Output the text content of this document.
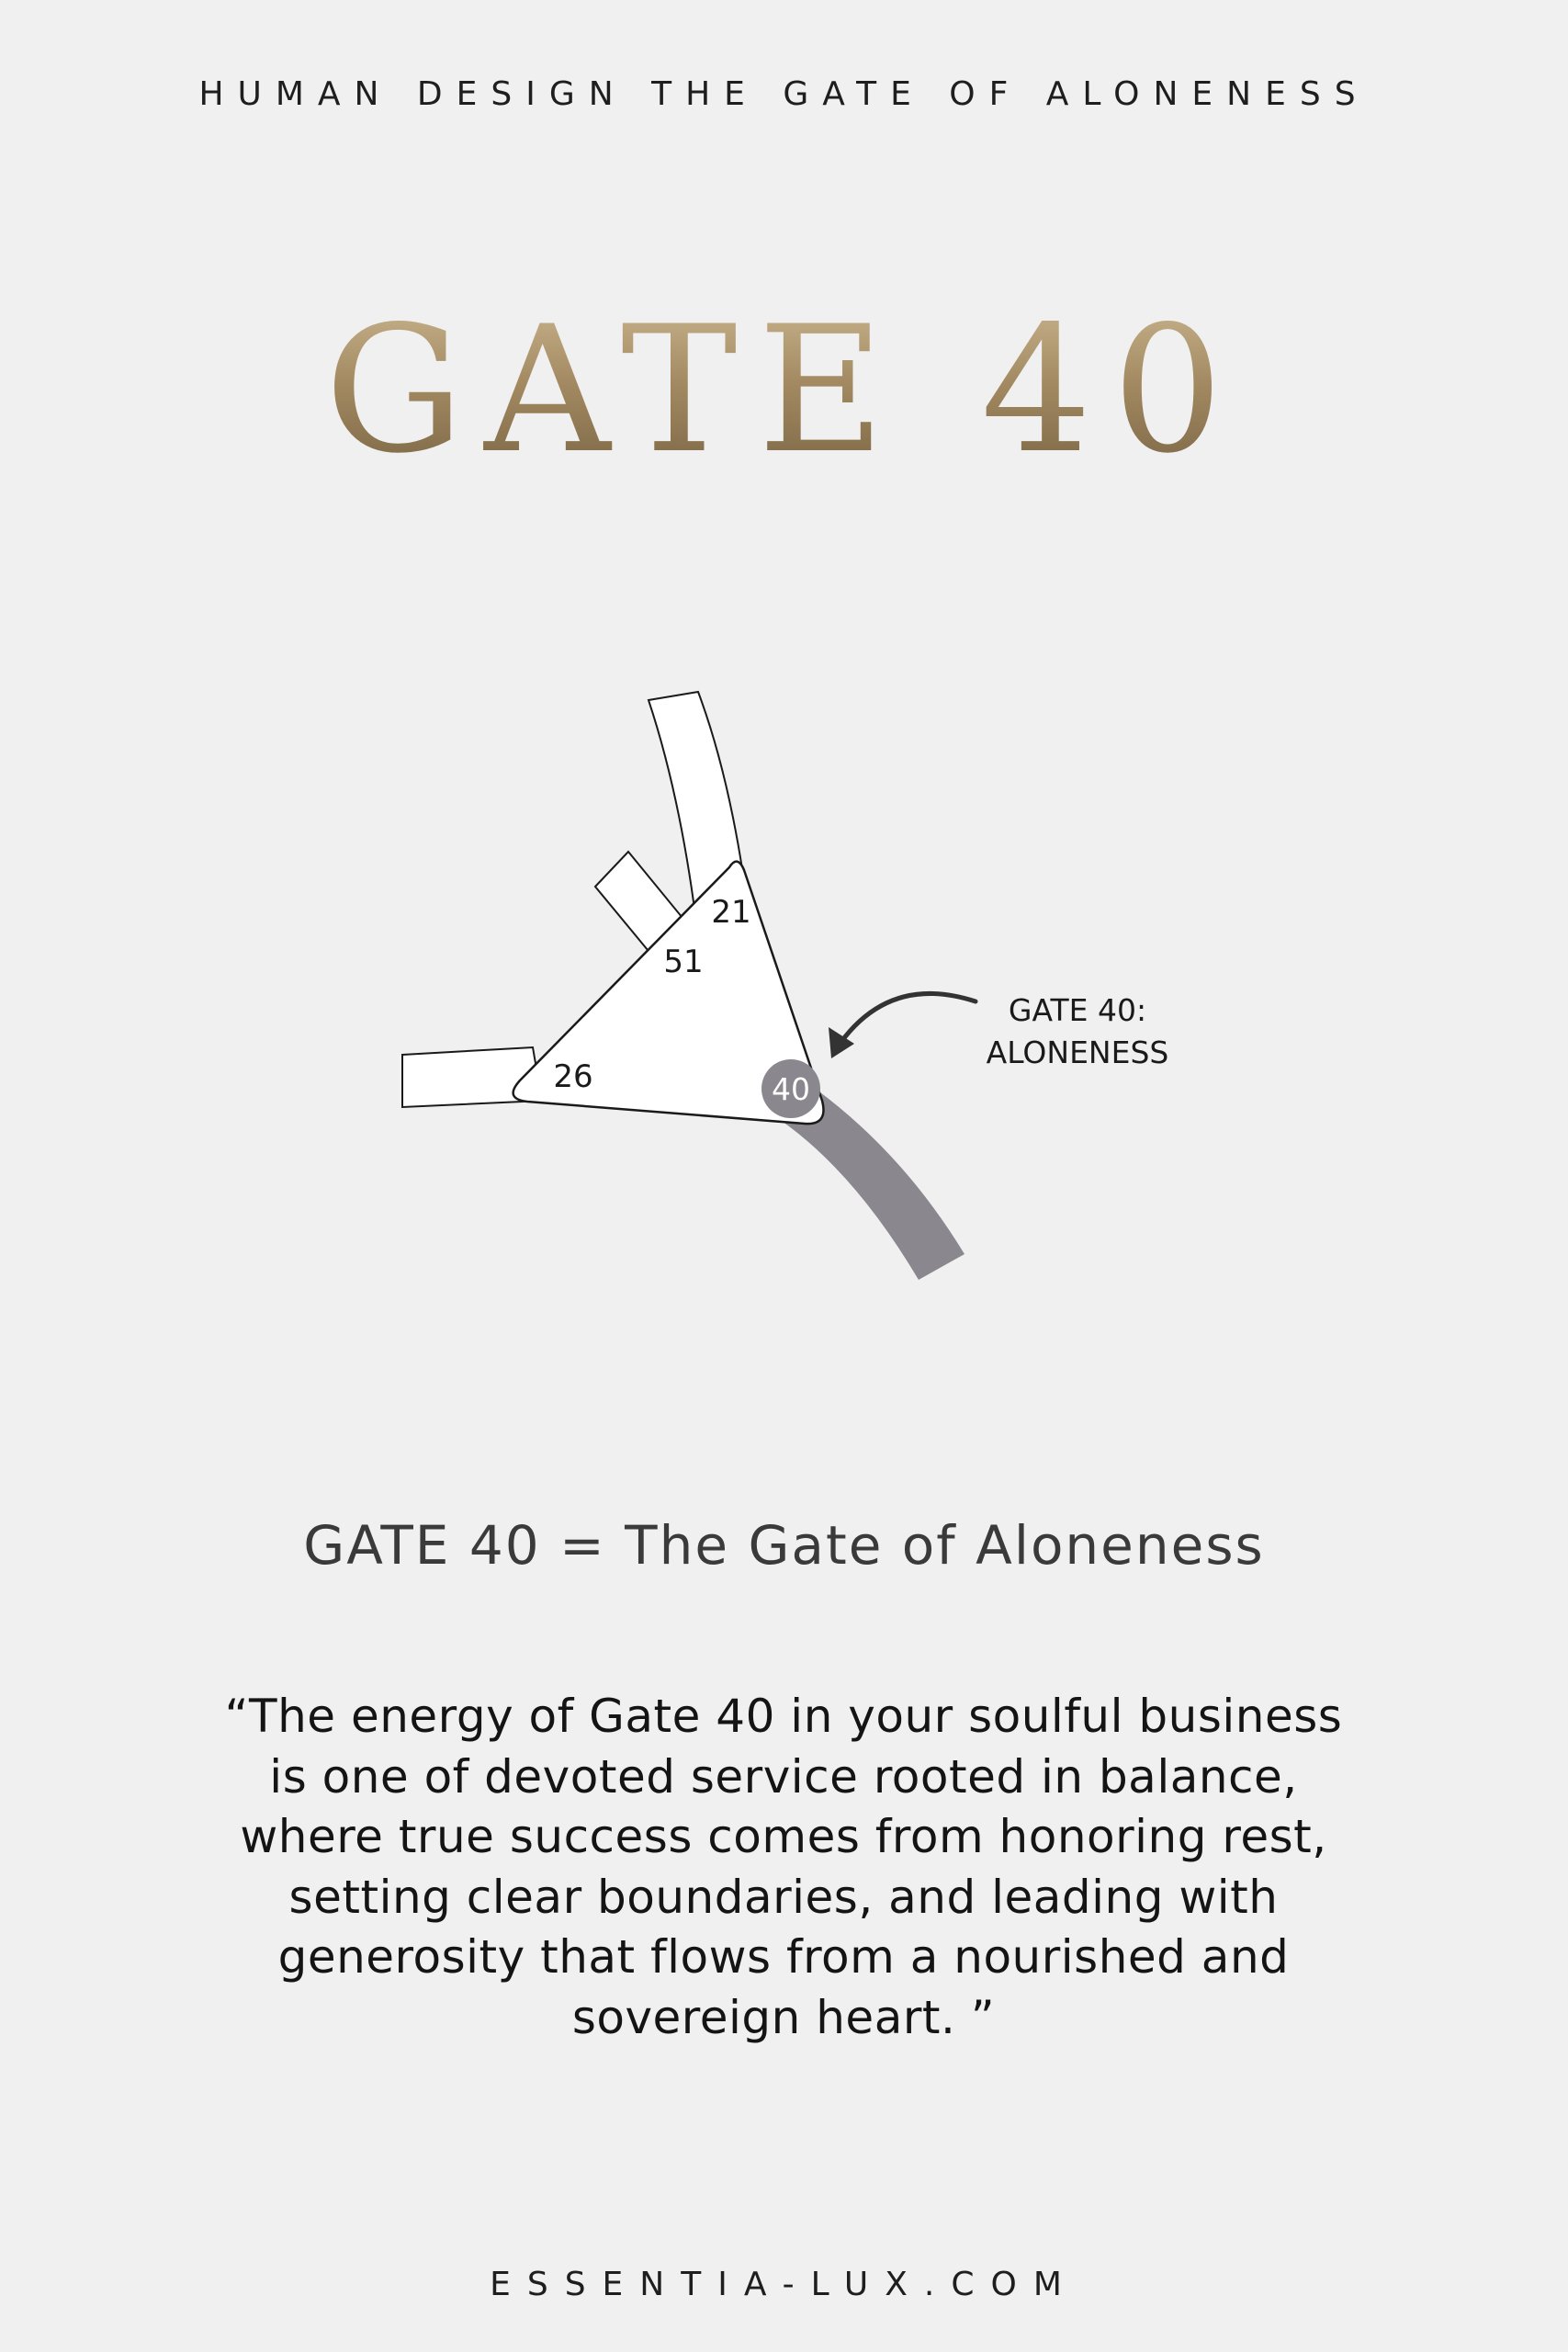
HUMAN DESIGN THE GATE OF ALONENESS
GATE 40
21
51
26	40
GATE 40:
ALONENESS
GATE 40 = The Gate of Aloneness
“The energy of Gate 40 in your soulful business
is one of devoted service rooted in balance,
where true success comes from honoring rest,
setting clear boundaries, and leading with
generosity that flows from a nourished and
sovereign heart. ”
ESSENTIA-LUX.COM
